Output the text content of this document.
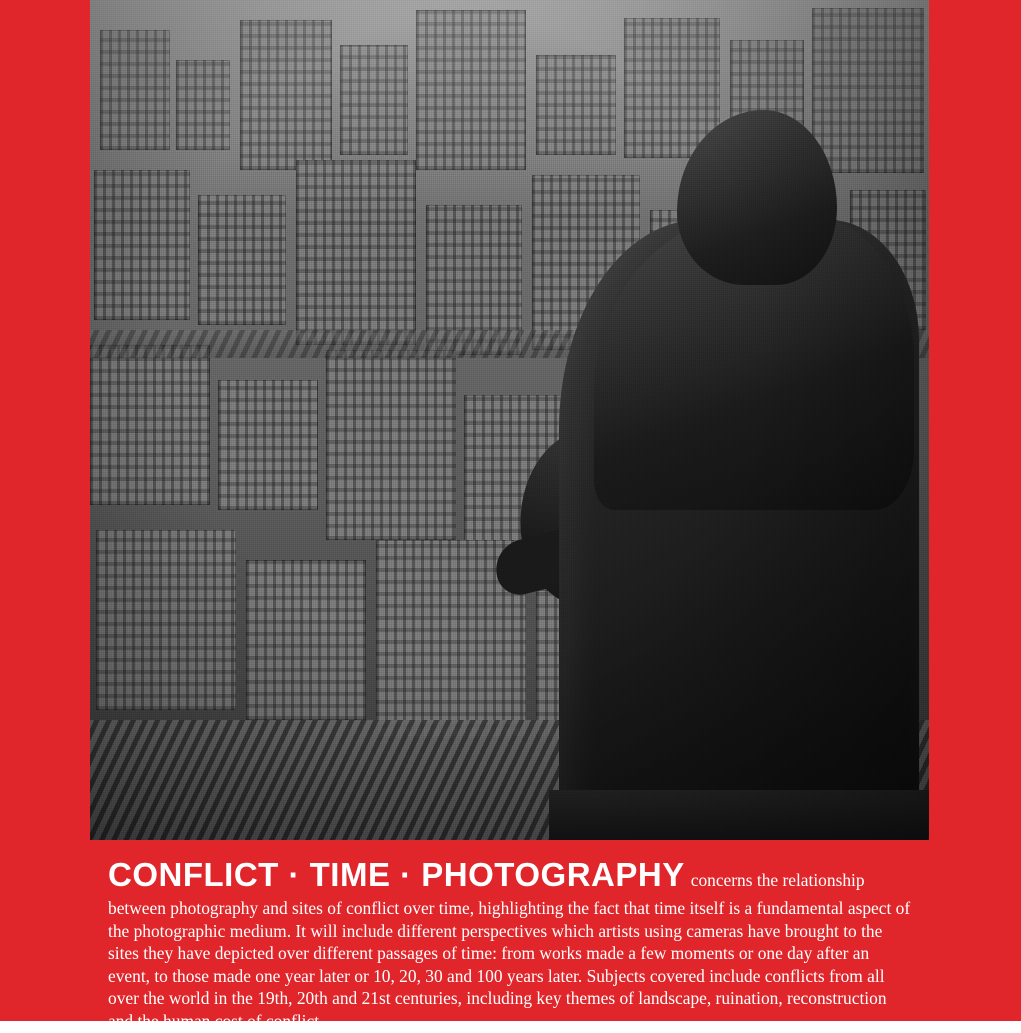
CONFLICT · TIME · PHOTOGRAPHY concerns the relationship between photography and sites of conflict over time, highlighting the fact that time itself is a fundamental aspect of the photographic medium. It will include different perspectives which artists using cameras have brought to the sites they have depicted over different passages of time: from works made a few moments or one day after an event, to those made one year later or 10, 20, 30 and 100 years later. Subjects covered include conflicts from all over the world in the 19th, 20th and 21st centuries, including key themes of landscape, ruination, reconstruction and the human cost of conflict.
